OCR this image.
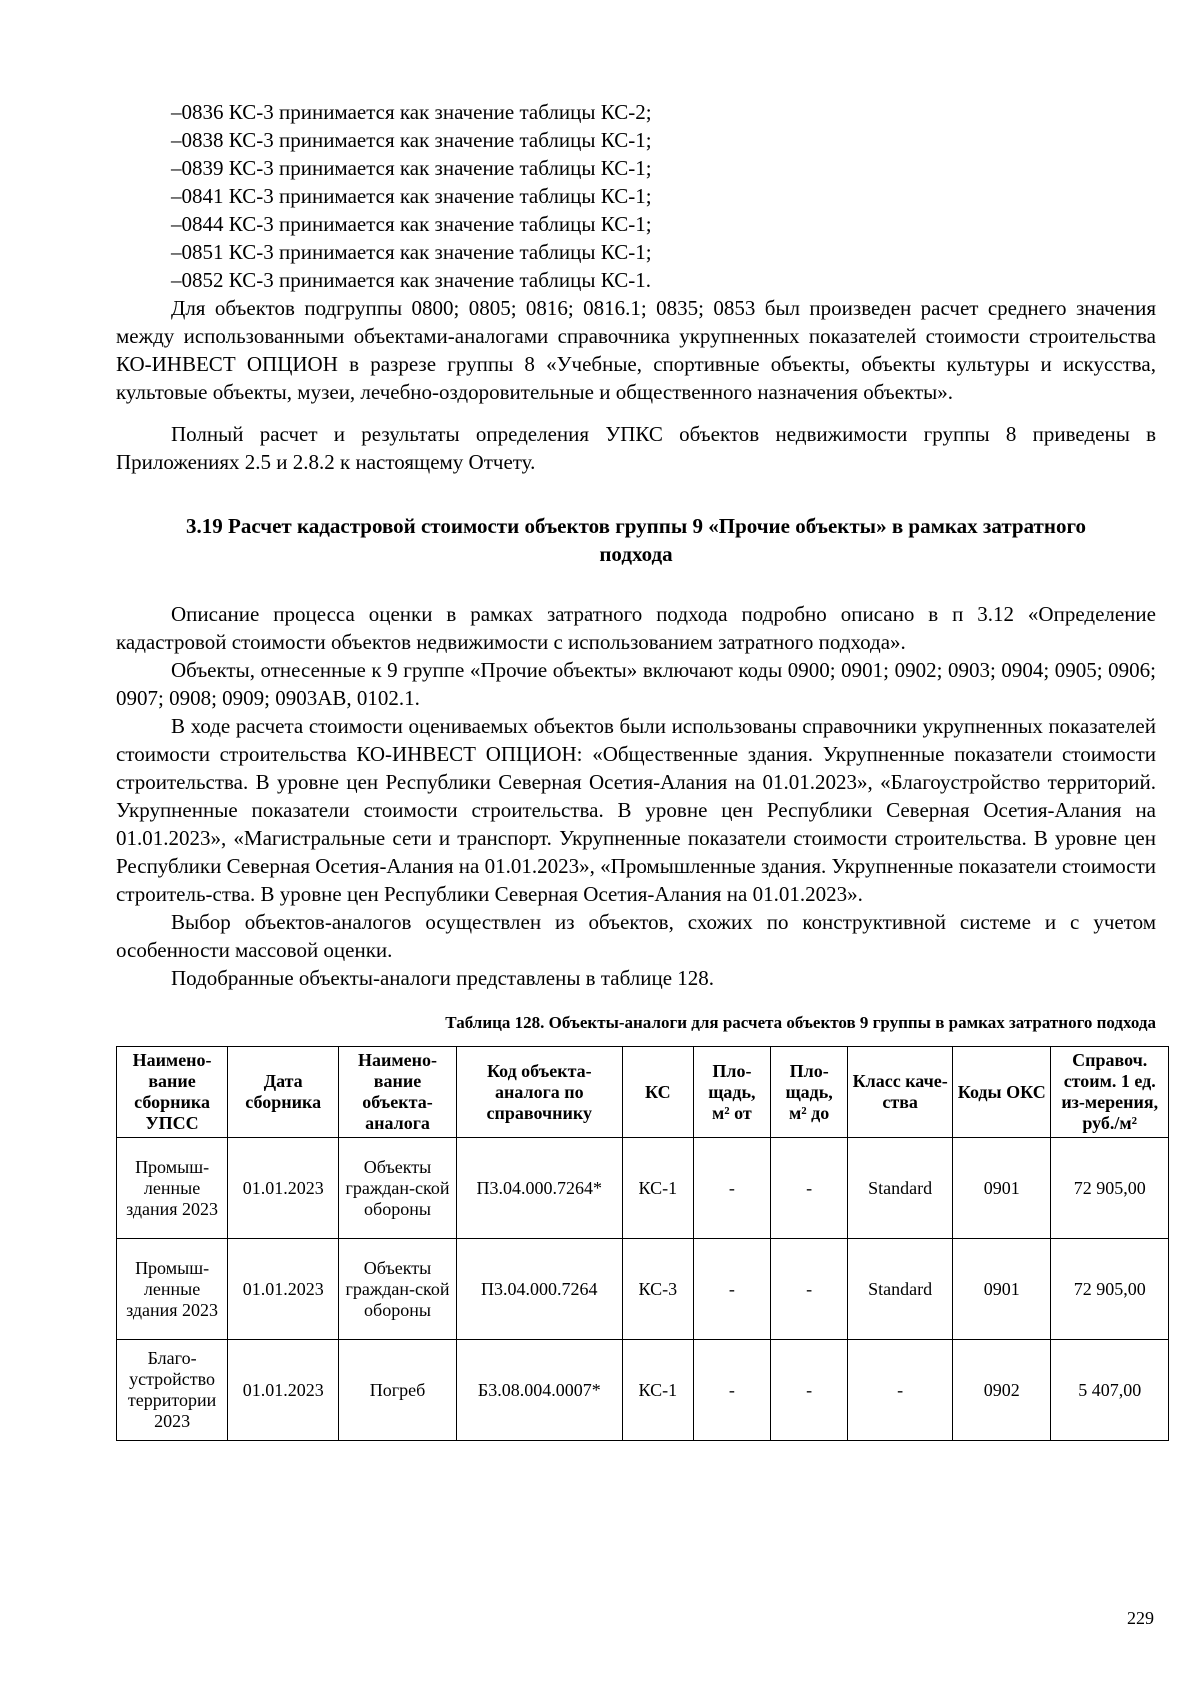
–0836 КС-3 принимается как значение таблицы КС-2;
–0838 КС-3 принимается как значение таблицы КС-1;
–0839 КС-3 принимается как значение таблицы КС-1;
–0841 КС-3 принимается как значение таблицы КС-1;
–0844 КС-3 принимается как значение таблицы КС-1;
–0851 КС-3 принимается как значение таблицы КС-1;
–0852 КС-3 принимается как значение таблицы КС-1.

Для объектов подгруппы 0800; 0805; 0816; 0816.1; 0835; 0853 был произведен расчет среднего значения между использованными объектами-аналогами справочника укрупненных показателей стоимости строительства КО-ИНВЕСТ ОПЦИОН в разрезе группы 8 «Учебные, спортивные объекты, объекты культуры и искусства, культовые объекты, музеи, лечебно-оздоровительные и общественного назначения объекты».

Полный расчет и результаты определения УПКС объектов недвижимости группы 8 приведены в Приложениях 2.5 и 2.8.2 к настоящему Отчету.

3.19 Расчет кадастровой стоимости объектов группы 9 «Прочие объекты» в рамках затратного подхода

Описание процесса оценки в рамках затратного подхода подробно описано в п 3.12 «Определение кадастровой стоимости объектов недвижимости с использованием затратного подхода».

Объекты, отнесенные к 9 группе «Прочие объекты» включают коды 0900; 0901; 0902; 0903; 0904; 0905; 0906; 0907; 0908; 0909; 0903АВ, 0102.1.

В ходе расчета стоимости оцениваемых объектов были использованы справочники укрупненных показателей стоимости строительства КО-ИНВЕСТ ОПЦИОН: «Общественные здания. Укрупненные показатели стоимости строительства. В уровне цен Республики Северная Осетия-Алания на 01.01.2023», «Благоустройство территорий. Укрупненные показатели стоимости строительства. В уровне цен Республики Северная Осетия-Алания на 01.01.2023», «Магистральные сети и транспорт. Укрупненные показатели стоимости строительства. В уровне цен Республики Северная Осетия-Алания на 01.01.2023», «Промышленные здания. Укрупненные показатели стоимости строитель-ства. В уровне цен Республики Северная Осетия-Алания на 01.01.2023».

Выбор объектов-аналогов осуществлен из объектов, схожих по конструктивной системе и с учетом особенности массовой оценки.

Подобранные объекты-аналоги представлены в таблице 128.

Таблица 128. Объекты-аналоги для расчета объектов 9 группы в рамках затратного подхода
Наимено-вание сборника УПСС	Дата сборника	Наимено-вание объекта-аналога	Код объекта-аналога по справочнику	КС	Пло-щадь, м² от	Пло-щадь, м² до	Класс каче-ства	Коды ОКС	Справоч. стоим. 1 ед. из-мерения, руб./м²
Промыш-ленные здания 2023	01.01.2023	Объекты граждан-ской обороны	П3.04.000.7264*	КС-1	-	-	Standard	0901	72 905,00
Промыш-ленные здания 2023	01.01.2023	Объекты граждан-ской обороны	П3.04.000.7264	КС-3	-	-	Standard	0901	72 905,00
Благо-устройство территории 2023	01.01.2023	Погреб	Б3.08.004.0007*	КС-1	-	-	-	0902	5 407,00
229
